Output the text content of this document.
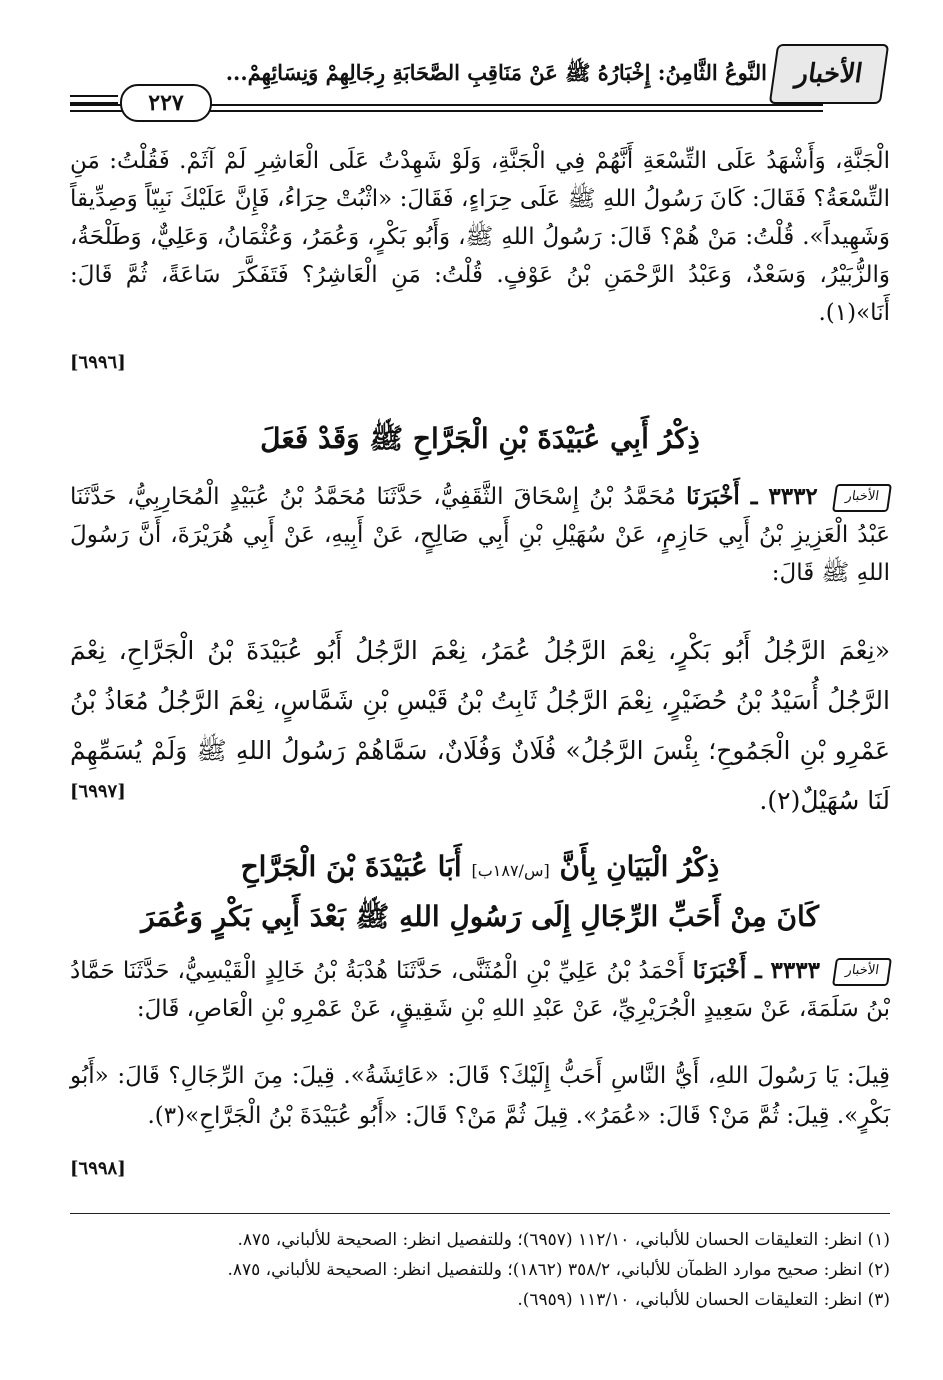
الأخبار
النَّوعُ الثَّامِنُ: إِخْبَارُهُ ﷺ عَنْ مَنَاقِبِ الصَّحَابَةِ رِجَالِهِمْ وَنِسَائِهِمْ...
٢٢٧
الْجَنَّةِ، وَأَشْهَدُ عَلَى التِّسْعَةِ أَنَّهُمْ فِي الْجَنَّةِ، وَلَوْ شَهِدْتُ عَلَى الْعَاشِرِ لَمْ آثَمْ. فَقُلْتُ: مَنِ التِّسْعَةُ؟ فَقَالَ: كَانَ رَسُولُ اللهِ ﷺ عَلَى حِرَاءٍ، فَقَالَ: «اثْبُتْ حِرَاءُ، فَإِنَّ عَلَيْكَ نَبِيّاً وَصِدِّيقاً وَشَهِيداً». قُلْتُ: مَنْ هُمْ؟ قَالَ: رَسُولُ اللهِ ﷺ، وَأَبُو بَكْرٍ، وَعُمَرُ، وَعُثْمَانُ، وَعَلِيٌّ، وَطَلْحَةُ، وَالزُّبَيْرُ، وَسَعْدٌ، وَعَبْدُ الرَّحْمَنِ بْنُ عَوْفٍ. قُلْتُ: مَنِ الْعَاشِرُ؟ فَتَفَكَّرَ سَاعَةً، ثُمَّ قَالَ: أَنَا»(١).
[٦٩٩٦]
ذِكْرُ أَبِي عُبَيْدَةَ بْنِ الْجَرَّاحِ ﷺ وَقَدْ فَعَلَ
الأخبار ٣٣٣٢ ـ أَخْبَرَنَا مُحَمَّدُ بْنُ إِسْحَاقَ الثَّقَفِيُّ، حَدَّثَنَا مُحَمَّدُ بْنُ عُبَيْدٍ الْمُحَارِبِيُّ، حَدَّثَنَا عَبْدُ الْعَزِيزِ بْنُ أَبِي حَازِمٍ، عَنْ سُهَيْلِ بْنِ أَبِي صَالِحٍ، عَنْ أَبِيهِ، عَنْ أَبِي هُرَيْرَةَ، أَنَّ رَسُولَ اللهِ ﷺ قَالَ:
«نِعْمَ الرَّجُلُ أَبُو بَكْرٍ، نِعْمَ الرَّجُلُ عُمَرُ، نِعْمَ الرَّجُلُ أَبُو عُبَيْدَةَ بْنُ الْجَرَّاحِ، نِعْمَ الرَّجُلُ أُسَيْدُ بْنُ حُضَيْرٍ، نِعْمَ الرَّجُلُ ثَابِتُ بْنُ قَيْسِ بْنِ شَمَّاسٍ، نِعْمَ الرَّجُلُ مُعَاذُ بْنُ عَمْرِو بْنِ الْجَمُوحِ؛ بِئْسَ الرَّجُلُ» فُلَانٌ وَفُلَانٌ، سَمَّاهُمْ رَسُولُ اللهِ ﷺ وَلَمْ يُسَمِّهِمْ لَنَا سُهَيْلٌ(٢).
[٦٩٩٧]
ذِكْرُ الْبَيَانِ بِأَنَّ [س/١٨٧ب] أَبَا عُبَيْدَةَ بْنَ الْجَرَّاحِ
كَانَ مِنْ أَحَبِّ الرِّجَالِ إِلَى رَسُولِ اللهِ ﷺ بَعْدَ أَبِي بَكْرٍ وَعُمَرَ
الأخبار ٣٣٣٣ ـ أَخْبَرَنَا أَحْمَدُ بْنُ عَلِيِّ بْنِ الْمُثَنَّى، حَدَّثَنَا هُدْبَةُ بْنُ خَالِدٍ الْقَيْسِيُّ، حَدَّثَنَا حَمَّادُ بْنُ سَلَمَةَ، عَنْ سَعِيدٍ الْجُرَيْرِيِّ، عَنْ عَبْدِ اللهِ بْنِ شَقِيقٍ، عَنْ عَمْرِو بْنِ الْعَاصِ، قَالَ:
قِيلَ: يَا رَسُولَ اللهِ، أَيُّ النَّاسِ أَحَبُّ إِلَيْكَ؟ قَالَ: «عَائِشَةُ». قِيلَ: مِنَ الرِّجَالِ؟ قَالَ: «أَبُو بَكْرٍ». قِيلَ: ثُمَّ مَنْ؟ قَالَ: «عُمَرُ». قِيلَ ثُمَّ مَنْ؟ قَالَ: «أَبُو عُبَيْدَةَ بْنُ الْجَرَّاحِ»(٣).
[٦٩٩٨]
(١) انظر: التعليقات الحسان للألباني، ١١٢/١٠ (٦٩٥٧)؛ وللتفصيل انظر: الصحيحة للألباني، ٨٧٥.
(٢) انظر: صحيح موارد الظمآن للألباني، ٣٥٨/٢ (١٨٦٢)؛ وللتفصيل انظر: الصحيحة للألباني، ٨٧٥.
(٣) انظر: التعليقات الحسان للألباني، ١١٣/١٠ (٦٩٥٩).
